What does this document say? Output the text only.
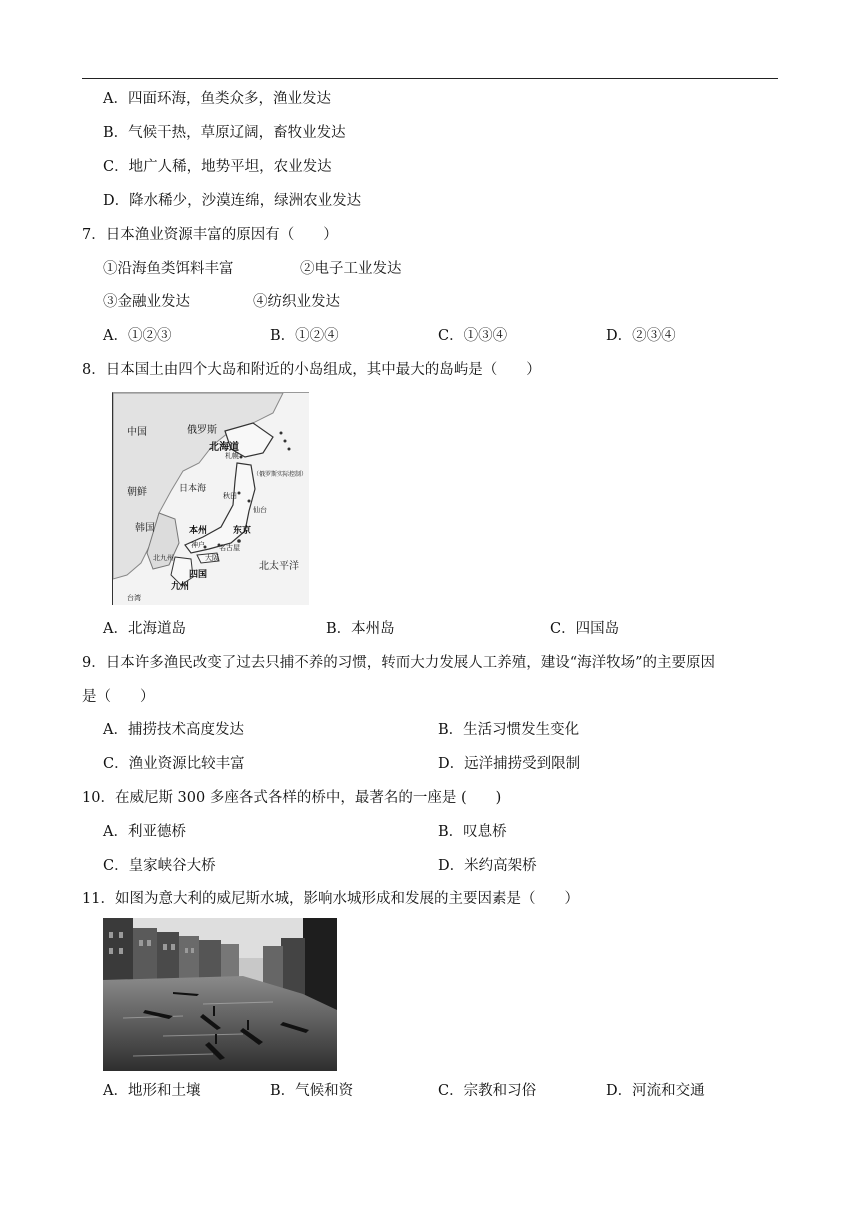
A．四面环海，鱼类众多，渔业发达
B．气候干热，草原辽阔，畜牧业发达
C．地广人稀，地势平坦，农业发达
D．降水稀少，沙漠连绵，绿洲农业发达
7．日本渔业资源丰富的原因有（　　）
①沿海鱼类饵料丰富	②电子工业发达
③金融业发达	④纺织业发达
A．①②③	B．①②④	C．①③④	D．②③④
8．日本国土由四个大岛和附近的小岛组成，其中最大的岛屿是（　　）
中国	俄罗斯
北海道
札幌
（俄罗斯实际控制）
日本海
朝鲜	秋田
仙台
韩国	本州	东京
神户 名古屋
大阪
北九州
四国
北太平洋
九州
台湾
A．北海道岛	B．本州岛	C．四国岛
9．日本许多渔民改变了过去只捕不养的习惯，转而大力发展人工养殖，建设“海洋牧场”的主要原因
是（　　）
A．捕捞技术高度发达	B．生活习惯发生变化
C．渔业资源比较丰富	D．远洋捕捞受到限制
10．在威尼斯 300 多座各式各样的桥中，最著名的一座是 (　　)
A．利亚德桥	B．叹息桥
C．皇家峡谷大桥	D．米约高架桥
11．如图为意大利的威尼斯水城，影响水城形成和发展的主要因素是（　　）
A．地形和土壤	B．气候和资	C．宗教和习俗	D．河流和交通
